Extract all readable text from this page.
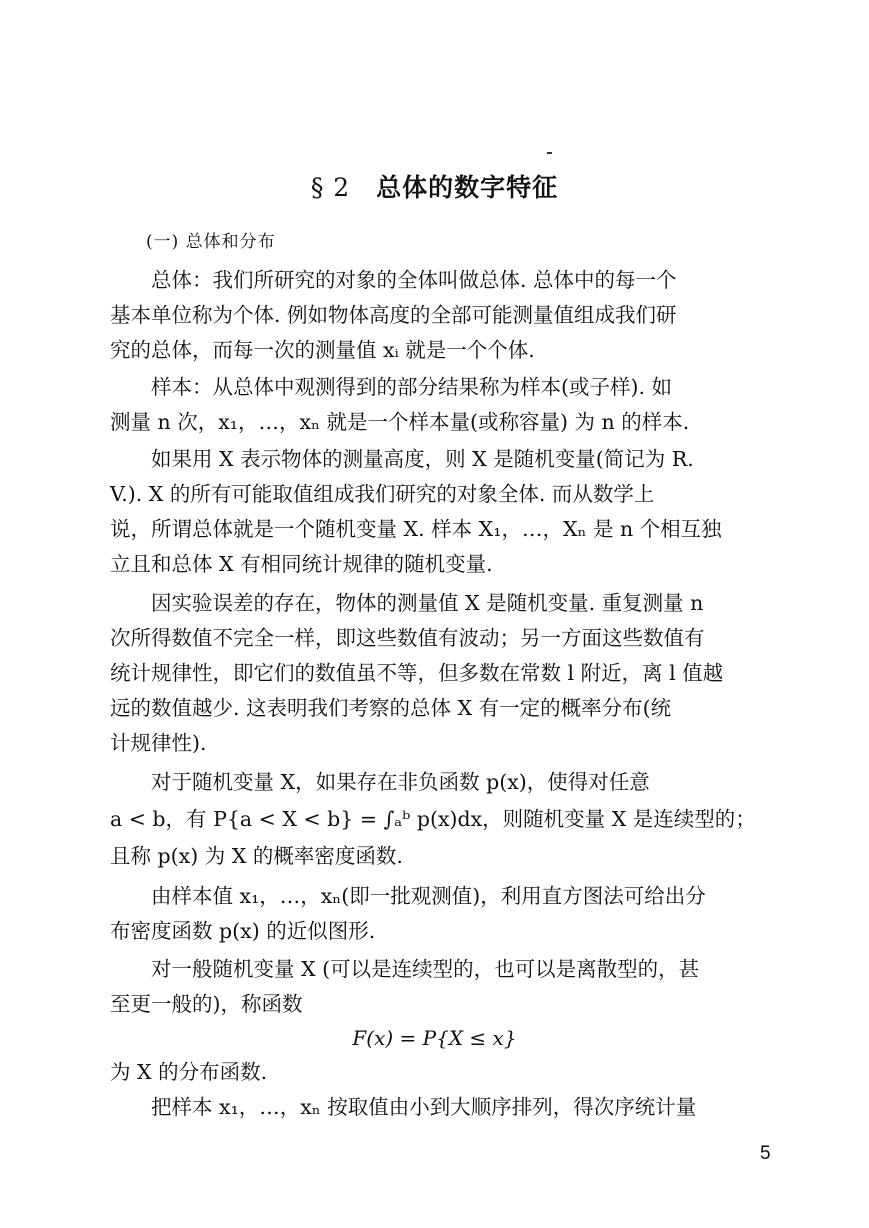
§ 2 总体的数字特征
(一) 总体和分布
　　总体：我们所研究的对象的全体叫做总体. 总体中的每一个
基本单位称为个体. 例如物体高度的全部可能测量值组成我们研
究的总体，而每一次的测量值 xᵢ 就是一个个体.
　　样本：从总体中观测得到的部分结果称为样本(或子样). 如
测量 n 次，x₁，…，xₙ 就是一个样本量(或称容量) 为 n 的样本.
　　如果用 X 表示物体的测量高度，则 X 是随机变量(简记为 R.
V.). X 的所有可能取值组成我们研究的对象全体. 而从数学上
说，所谓总体就是一个随机变量 X. 样本 X₁，…，Xₙ 是 n 个相互独
立且和总体 X 有相同统计规律的随机变量.
　　因实验误差的存在，物体的测量值 X 是随机变量. 重复测量 n
次所得数值不完全一样，即这些数值有波动；另一方面这些数值有
统计规律性，即它们的数值虽不等，但多数在常数 l 附近，离 l 值越
远的数值越少. 这表明我们考察的总体 X 有一定的概率分布(统
计规律性).
　　对于随机变量 X，如果存在非负函数 p(x)，使得对任意
a < b，有 P{a < X < b} = ∫ₐᵇ p(x)dx，则随机变量 X 是连续型的；
且称 p(x) 为 X 的概率密度函数.
　　由样本值 x₁，…，xₙ(即一批观测值)，利用直方图法可给出分
布密度函数 p(x) 的近似图形.
　　对一般随机变量 X (可以是连续型的，也可以是离散型的，甚
至更一般的)，称函数
F(x) = P{X ≤ x}
为 X 的分布函数.
　　把样本 x₁，…，xₙ 按取值由小到大顺序排列，得次序统计量
5
